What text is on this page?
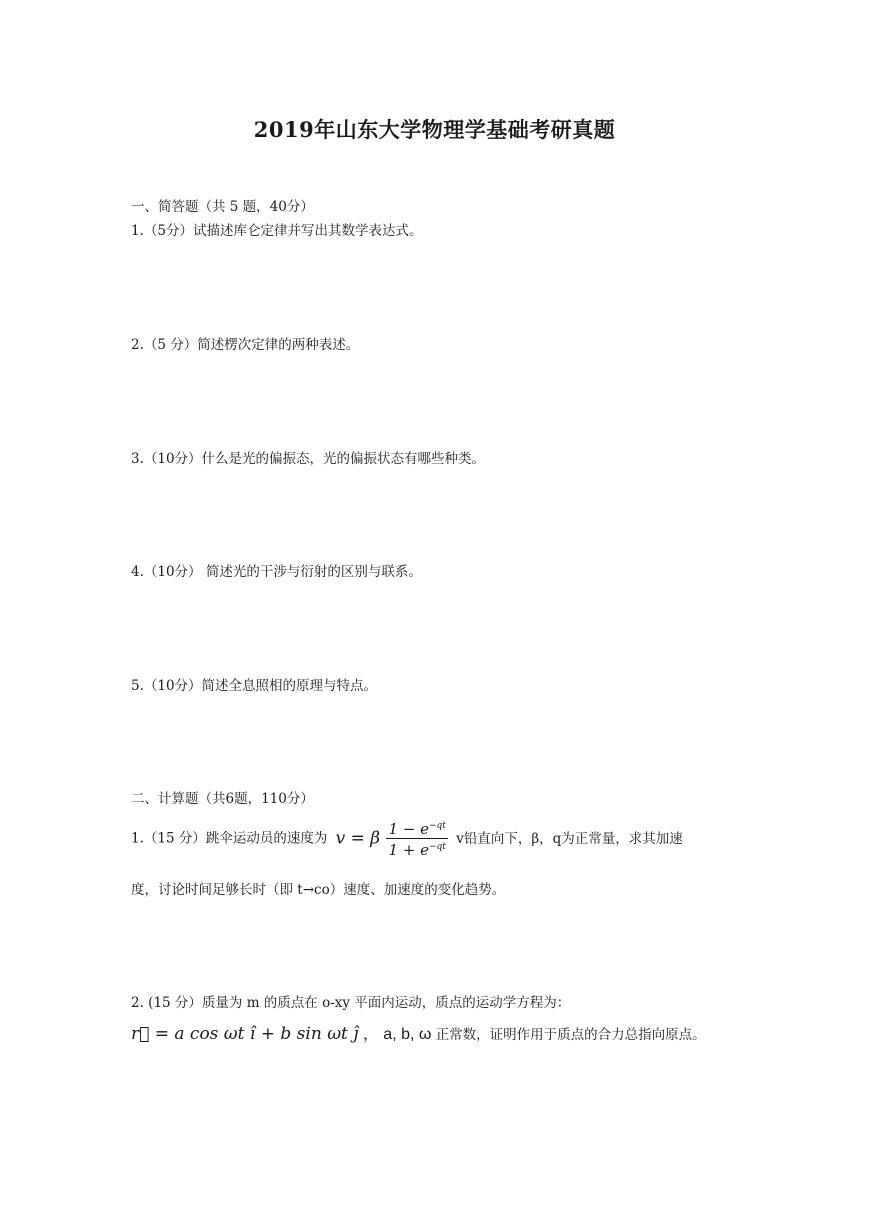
2019年山东大学物理学基础考研真题
一、简答题（共 5 题，40分）
1.（5分）试描述库仑定律并写出其数学表达式。
2.（5 分）简述楞次定律的两种表述。
3.（10分）什么是光的偏振态，光的偏振状态有哪些种类。
4.（10分） 简述光的干涉与衍射的区别与联系。
5.（10分）简述全息照相的原理与特点。
二、计算题（共6题，110分）
1.（15 分）跳伞运动员的速度为 v = β $\frac{1 - e^{-qt}}{1 + e^{-qt}}$ v铅直向下，β，q为正常量，求其加速
度，讨论时间足够长时（即 t→co）速度、加速度的变化趋势。
2. (15 分）质量为 m 的质点在 o-xy 平面内运动，质点的运动学方程为：
r⃗ = a cos ωt î + b sin ωt ĵ ， a, b, ω 正常数，证明作用于质点的合力总指向原点。
